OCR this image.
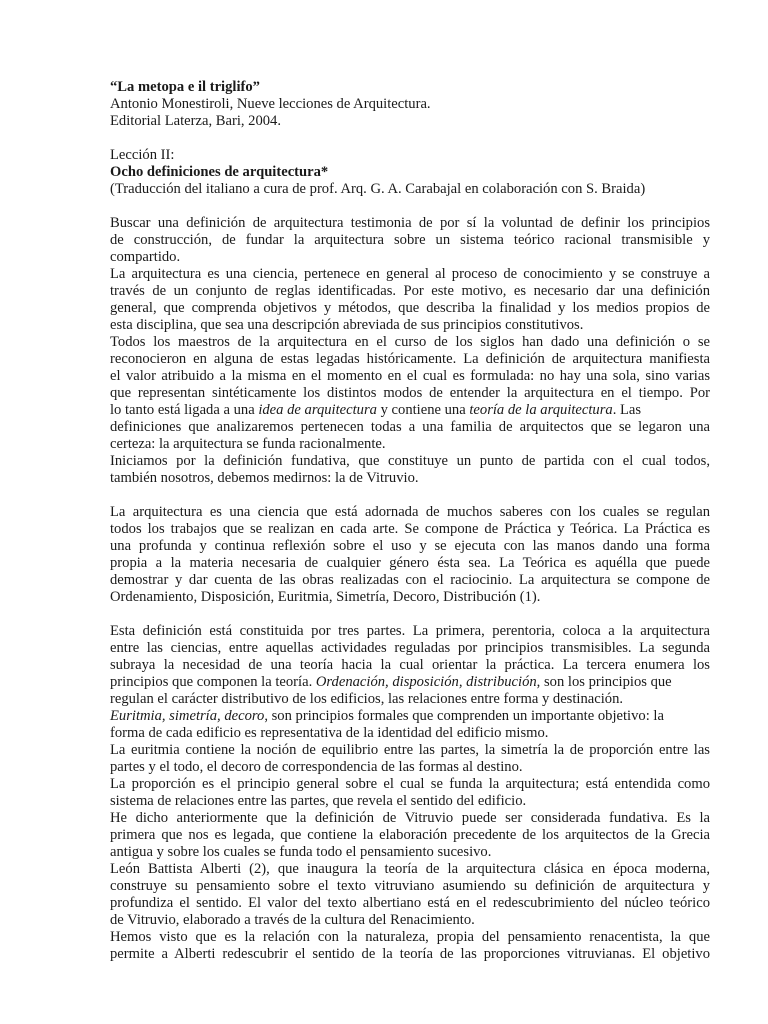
“La metopa e il triglifo”
Antonio Monestiroli, Nueve lecciones de Arquitectura.
Editorial Laterza, Bari, 2004.
Lección II:
Ocho definiciones de arquitectura*
(Traducción del italiano a cura de prof. Arq. G. A. Carabajal en colaboración con S. Braida)
Buscar una definición de arquitectura testimonia de por sí la voluntad de definir los principios
de construcción, de fundar la arquitectura sobre un sistema teórico racional transmisible y
compartido.
La arquitectura es una ciencia, pertenece en general al proceso de conocimiento y se construye a
través de un conjunto de reglas identificadas. Por este motivo, es necesario dar una definición
general, que comprenda objetivos y métodos, que describa la finalidad y los medios propios de
esta disciplina, que sea una descripción abreviada de sus principios constitutivos.
Todos los maestros de la arquitectura en el curso de los siglos han dado una definición o se
reconocieron en alguna de estas legadas históricamente. La definición de arquitectura manifiesta
el valor atribuido a la misma en el momento en el cual es formulada: no hay una sola, sino varias
que representan sintéticamente los distintos modos de entender la arquitectura en el tiempo. Por
lo tanto está ligada a una idea de arquitectura y contiene una teoría de la arquitectura. Las
definiciones que analizaremos pertenecen todas a una familia de arquitectos que se legaron una
certeza: la arquitectura se funda racionalmente.
Iniciamos por la definición fundativa, que constituye un punto de partida con el cual todos,
también nosotros, debemos medirnos: la de Vitruvio.
La arquitectura es una ciencia que está adornada de muchos saberes con los cuales se regulan
todos los trabajos que se realizan en cada arte. Se compone de Práctica y Teórica. La Práctica es
una profunda y continua reflexión sobre el uso y se ejecuta con las manos dando una forma
propia a la materia necesaria de cualquier género ésta sea. La Teórica es aquélla que puede
demostrar y dar cuenta de las obras realizadas con el raciocinio. La arquitectura se compone de
Ordenamiento, Disposición, Euritmia, Simetría, Decoro, Distribución (1).
Esta definición está constituida por tres partes. La primera, perentoria, coloca a la arquitectura
entre las ciencias, entre aquellas actividades reguladas por principios transmisibles. La segunda
subraya la necesidad de una teoría hacia la cual orientar la práctica. La tercera enumera los
principios que componen la teoría. Ordenación, disposición, distribución, son los principios que
regulan el carácter distributivo de los edificios, las relaciones entre forma y destinación.
Euritmia, simetría, decoro, son principios formales que comprenden un importante objetivo: la
forma de cada edificio es representativa de la identidad del edificio mismo.
La euritmia contiene la noción de equilibrio entre las partes, la simetría la de proporción entre las
partes y el todo, el decoro de correspondencia de las formas al destino.
La proporción es el principio general sobre el cual se funda la arquitectura; está entendida como
sistema de relaciones entre las partes, que revela el sentido del edificio.
He dicho anteriormente que la definición de Vitruvio puede ser considerada fundativa. Es la
primera que nos es legada, que contiene la elaboración precedente de los arquitectos de la Grecia
antigua y sobre los cuales se funda todo el pensamiento sucesivo.
León Battista Alberti (2), que inaugura la teoría de la arquitectura clásica en época moderna,
construye su pensamiento sobre el texto vitruviano asumiendo su definición de arquitectura y
profundiza el sentido. El valor del texto albertiano está en el redescubrimiento del núcleo teórico
de Vitruvio, elaborado a través de la cultura del Renacimiento.
Hemos visto que es la relación con la naturaleza, propia del pensamiento renacentista, la que
permite a Alberti redescubrir el sentido de la teoría de las proporciones vitruvianas. El objetivo
